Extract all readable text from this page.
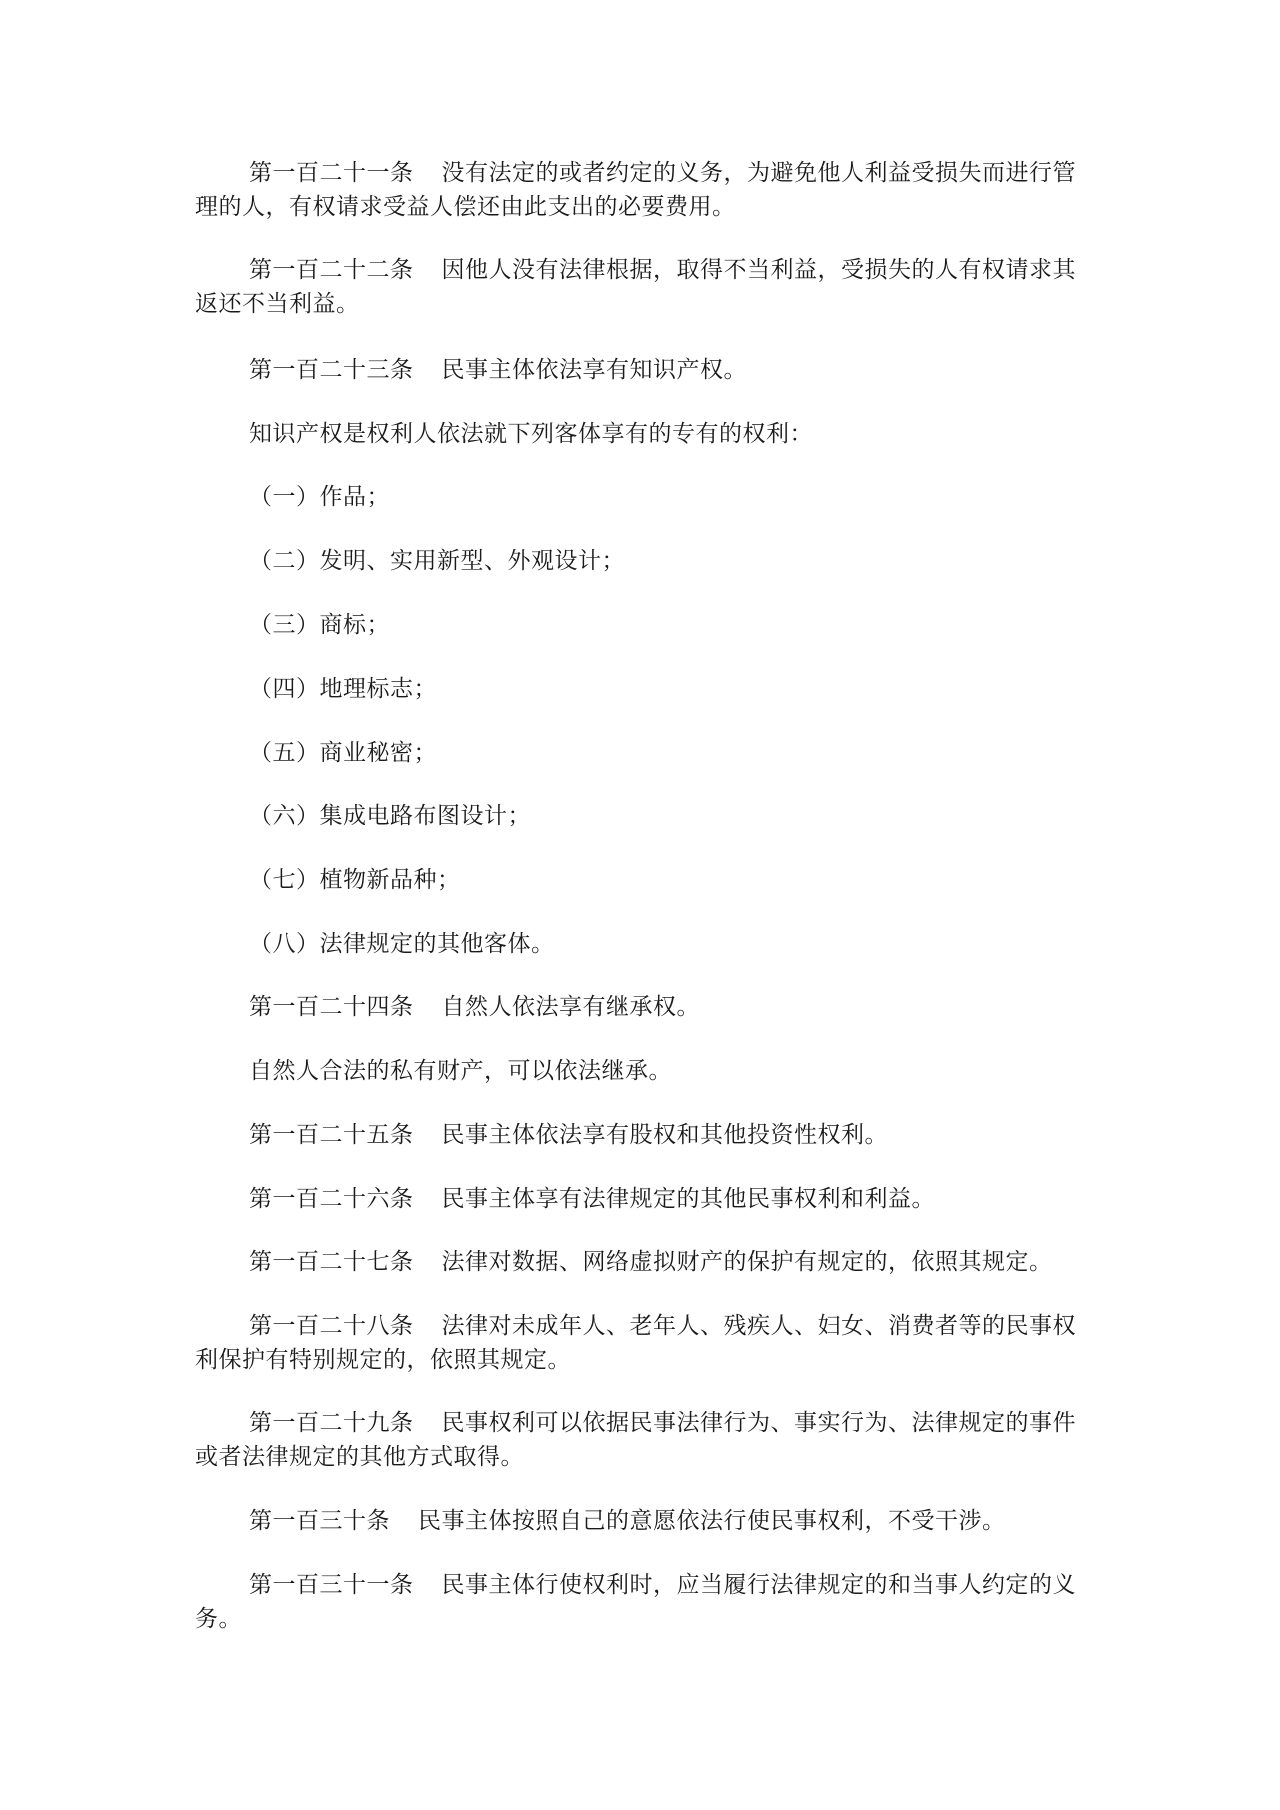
第一百二十一条 没有法定的或者约定的义务，为避免他人利益受损失而进行管理的人，有权请求受益人偿还由此支出的必要费用。
第一百二十二条 因他人没有法律根据，取得不当利益，受损失的人有权请求其返还不当利益。
第一百二十三条 民事主体依法享有知识产权。
知识产权是权利人依法就下列客体享有的专有的权利：
（一）作品；
（二）发明、实用新型、外观设计；
（三）商标；
（四）地理标志；
（五）商业秘密；
（六）集成电路布图设计；
（七）植物新品种；
（八）法律规定的其他客体。
第一百二十四条 自然人依法享有继承权。
自然人合法的私有财产，可以依法继承。
第一百二十五条 民事主体依法享有股权和其他投资性权利。
第一百二十六条 民事主体享有法律规定的其他民事权利和利益。
第一百二十七条 法律对数据、网络虚拟财产的保护有规定的，依照其规定。
第一百二十八条 法律对未成年人、老年人、残疾人、妇女、消费者等的民事权利保护有特别规定的，依照其规定。
第一百二十九条 民事权利可以依据民事法律行为、事实行为、法律规定的事件或者法律规定的其他方式取得。
第一百三十条 民事主体按照自己的意愿依法行使民事权利，不受干涉。
第一百三十一条 民事主体行使权利时，应当履行法律规定的和当事人约定的义务。
